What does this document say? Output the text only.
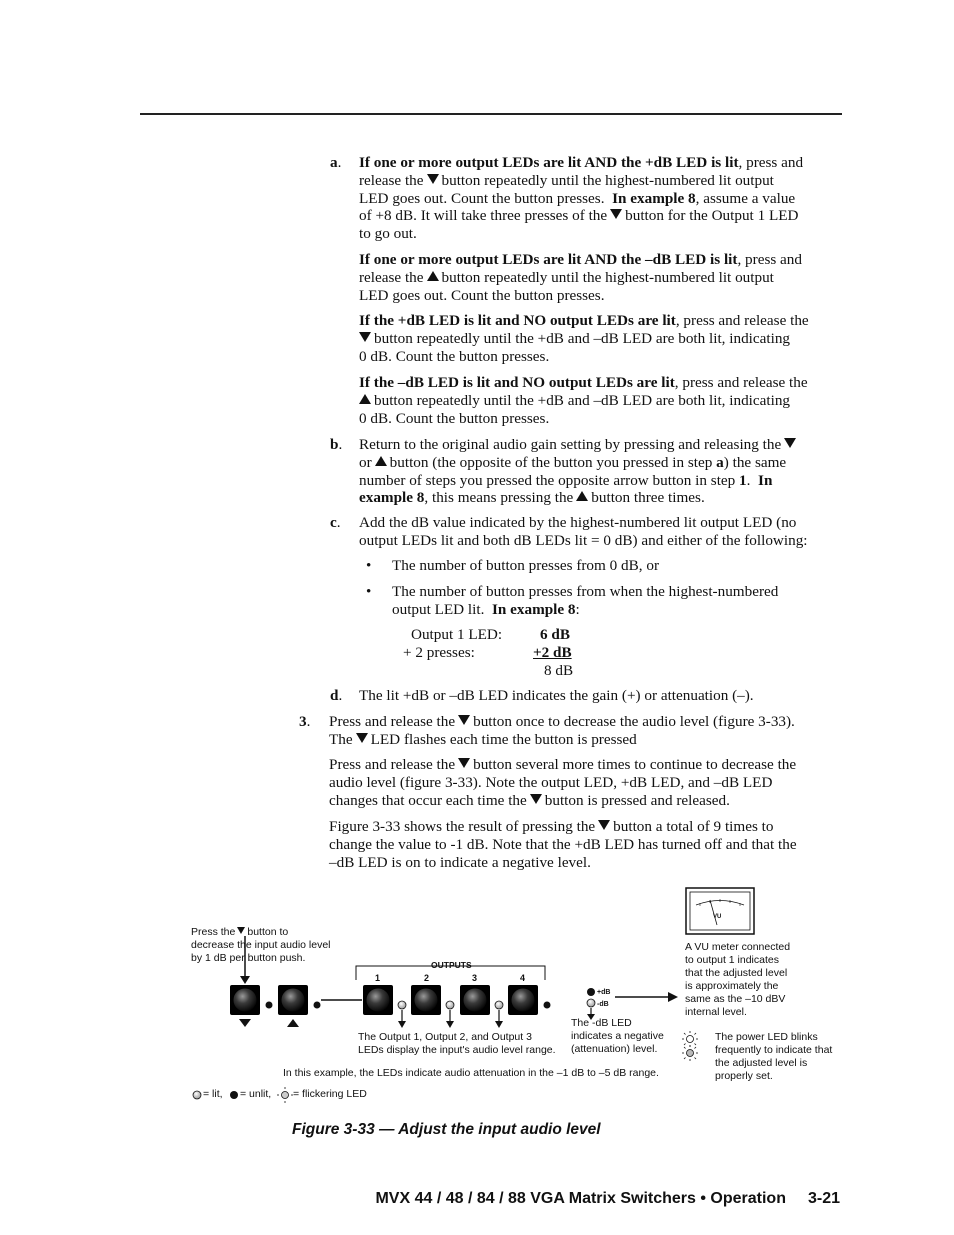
a. If one or more output LEDs are lit AND the +dB LED is lit, press and
release the button repeatedly until the highest-numbered lit output
LED goes out. Count the button presses. In example 8, assume a value
of +8 dB. It will take three presses of the button for the Output 1 LED
to go out.
If one or more output LEDs are lit AND the –dB LED is lit, press and
release the button repeatedly until the highest-numbered lit output
LED goes out. Count the button presses.
If the +dB LED is lit and NO output LEDs are lit, press and release the
button repeatedly until the +dB and –dB LED are both lit, indicating
0 dB. Count the button presses.
If the –dB LED is lit and NO output LEDs are lit, press and release the
button repeatedly until the +dB and –dB LED are both lit, indicating
0 dB. Count the button presses.
b. Return to the original audio gain setting by pressing and releasing the
or button (the opposite of the button you pressed in step a) the same
number of steps you pressed the opposite arrow button in step 1. In
example 8, this means pressing the button three times.
c. Add the dB value indicated by the highest-numbered lit output LED (no
output LEDs lit and both dB LEDs lit = 0 dB) and either of the following:
• The number of button presses from 0 dB, or
• The number of button presses from when the highest-numbered
output LED lit. In example 8:
Output 1 LED: 6 dB
+ 2 presses:	+2 dB
8 dB
d. The lit +dB or –dB LED indicates the gain (+) or attenuation (–).
3. Press and release the button once to decrease the audio level (figure 3-33).
The LED flashes each time the button is pressed
Press and release the button several more times to continue to decrease the
audio level (figure 3-33). Note the output LED, +dB LED, and –dB LED
changes that occur each time the button is pressed and released.
Figure 3-33 shows the result of pressing the button a total of 9 times to
change the value to -1 dB. Note that the +dB LED has turned off and that the
–dB LED is on to indicate a negative level.
Press the button to
decrease the input audio level
by 1 dB per button push.
OUTPUTS
1	2	3	4
+dB
-dB
VU
The Output 1, Output 2, and Output 3
LEDs display the input's audio level range.
The -dB LED
indicates a negative
(attenuation) level.
In this example, the LEDs indicate audio attenuation in the –1 dB to –5 dB range.
A VU meter connected
to output 1 indicates
that the adjusted level
is approximately the
same as the –10 dBV
internal level.
The power LED blinks
frequently to indicate that
the adjusted level is
properly set.
= lit, = unlit, = flickering LED
Figure 3-33 — Adjust the input audio level
MVX 44 / 48 / 84 / 88 VGA Matrix Switchers • Operation 3-21
